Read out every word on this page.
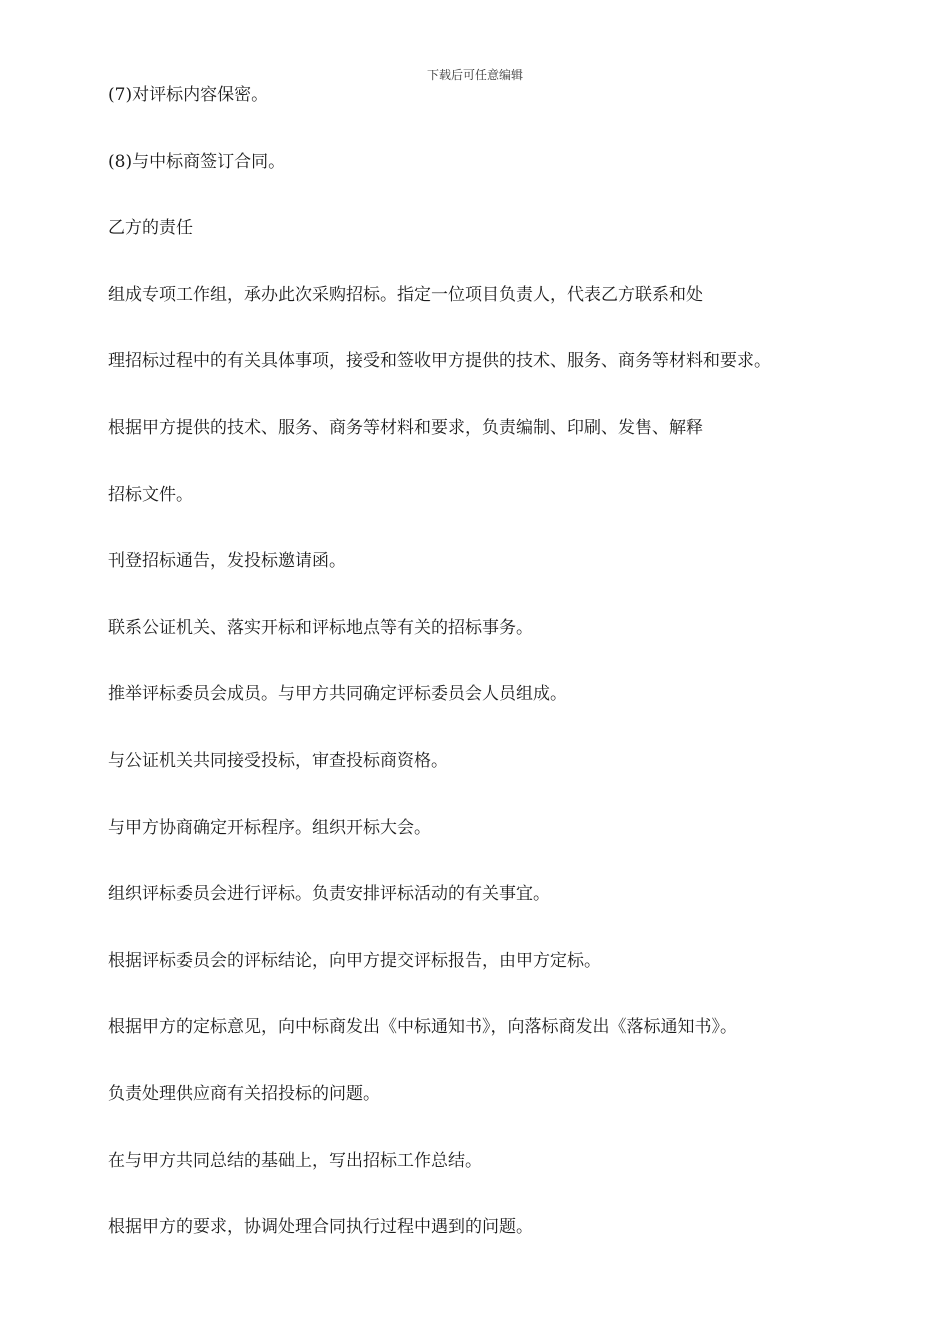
下载后可任意编辑

(7)对评标内容保密。

(8)与中标商签订合同。

乙方的责任

组成专项工作组，承办此次采购招标。指定一位项目负责人，代表乙方联系和处

理招标过程中的有关具体事项，接受和签收甲方提供的技术、服务、商务等材料和要求。

根据甲方提供的技术、服务、商务等材料和要求，负责编制、印刷、发售、解释

招标文件。

刊登招标通告，发投标邀请函。

联系公证机关、落实开标和评标地点等有关的招标事务。

推举评标委员会成员。与甲方共同确定评标委员会人员组成。

与公证机关共同接受投标，审查投标商资格。

与甲方协商确定开标程序。组织开标大会。

组织评标委员会进行评标。负责安排评标活动的有关事宜。

根据评标委员会的评标结论，向甲方提交评标报告，由甲方定标。

根据甲方的定标意见，向中标商发出《中标通知书》，向落标商发出《落标通知书》。

负责处理供应商有关招投标的问题。

在与甲方共同总结的基础上，写出招标工作总结。

根据甲方的要求，协调处理合同执行过程中遇到的问题。
